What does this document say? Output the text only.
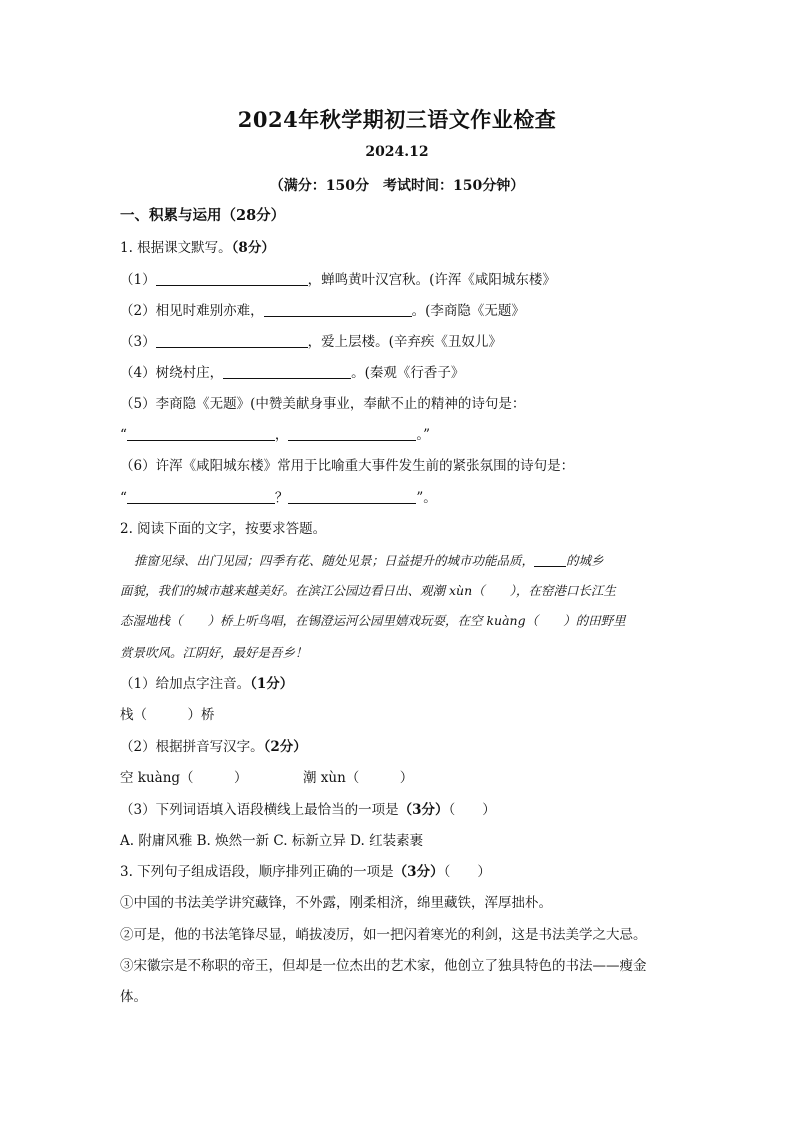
2024年秋学期初三语文作业检查
2024.12
（满分：150分　考试时间：150分钟）
一、积累与运用（28分）
1. 根据课文默写。（8分）
（1）	，蝉鸣黄叶汉宫秋。(许浑《咸阳城东楼》
（2）相见时难别亦难，	。(李商隐《无题》
（3）	，爱上层楼。(辛弃疾《丑奴儿》
（4）树绕村庄，	。(秦观《行香子》
（5）李商隐《无题》(中赞美献身事业，奉献不止的精神的诗句是：
“	，	。”
（6）许浑《咸阳城东楼》常用于比喻重大事件发生前的紧张氛围的诗句是：
“	？	”。
2. 阅读下面的文字，按要求答题。
推窗见绿、出门见园；四季有花、随处见景；日益提升的城市功能品质，	的城乡
面貌，我们的城市越来越美好。在滨江公园边看日出、观潮 xùn（　　），在窑港口长江生
态湿地栈（　　）桥上听鸟唱，在锡澄运河公园里嬉戏玩耍，在空 kuàng（　　）的田野里
赏景吹风。江阴好，最好是吾乡！
（1）给加点字注音。（1分）
栈（　　　）桥
（2）根据拼音写汉字。（2分）
空 kuàng（　　　）	潮 xùn（　　　）
（3）下列词语填入语段横线上最恰当的一项是（3分）（　　）
A. 附庸风雅 B. 焕然一新 C. 标新立异 D. 红装素裹
3. 下列句子组成语段，顺序排列正确的一项是（3分）（　　）
①中国的书法美学讲究藏锋，不外露，刚柔相济，绵里藏铁，浑厚拙朴。
②可是，他的书法笔锋尽显，峭拔凌厉，如一把闪着寒光的利剑，这是书法美学之大忌。
③宋徽宗是不称职的帝王，但却是一位杰出的艺术家，他创立了独具特色的书法——瘦金
体。
